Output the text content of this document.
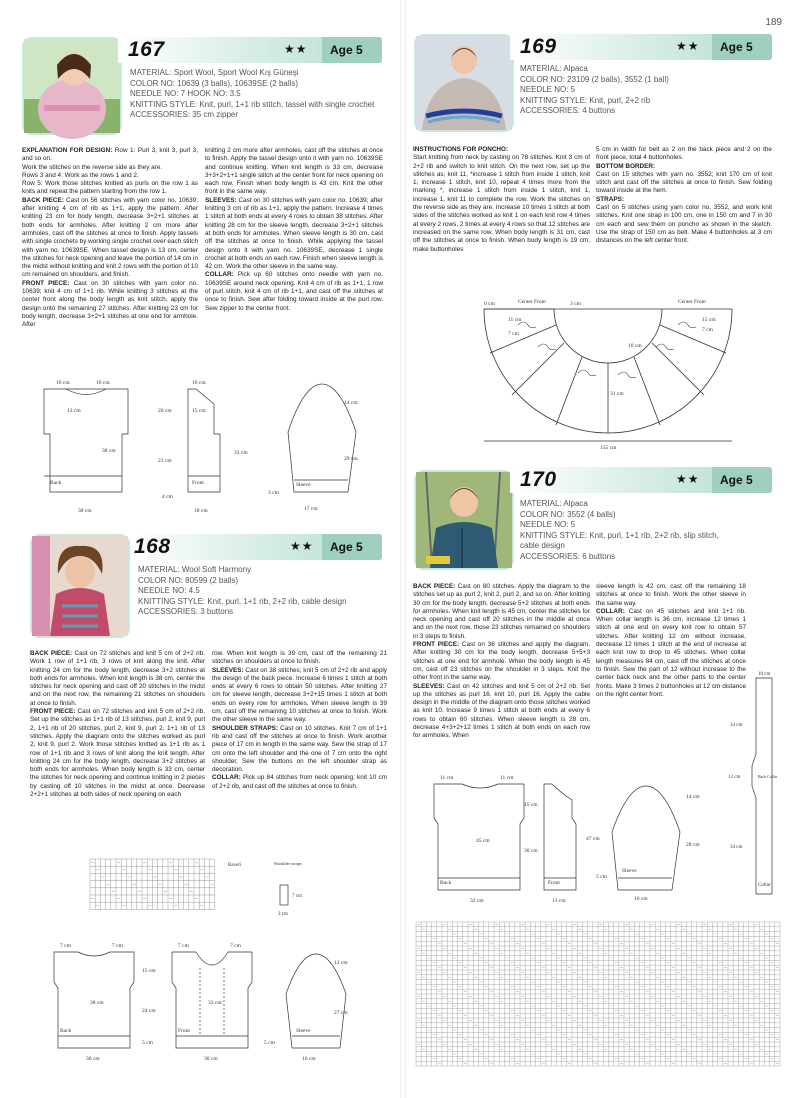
189
167	★★	Age 5
MATERIAL: Sport Wool, Sport Wool Kış Güneşi
COLOR NO: 10639 (3 balls), 10639SE (2 balls)
NEEDLE NO: 7 HOOK NO: 3.5
KNITTING STYLE: Knit, purl, 1+1 rib stitch, tassel with single crochet
ACCESSORIES: 35 cm zipper

EXPLANATION FOR DESIGN: Row 1: Purl 3, knit 3, purl 3, and so on.

Work the stitches on the reverse side as they are.

Rows 3 and 4: Work as the rows 1 and 2.

Row 5: Work those stitches knitted as purls on the row 1 as knits and repeat the pattern starting from the row 1.

BACK PIECE: Cast on 56 stitches with yarn color no. 10639; after knitting 4 cm of rib as 1+1, apply the pattern. After knitting 23 cm for body length, decrease 3+2+1 stitches at both ends for armholes. After knitting 2 cm more after armholes, cast off the stitches at once to finish. Apply tassels with single crochets by working single crochet over each stitch with yarn no. 10639SE. When tassel design is 13 cm, center the stitches for neck opening and leave the portion of 14 cm in the midst without knitting and knit 2 rows with the portion of 10 cm remained on shoulders, and finish.

FRONT PIECE: Cast on 30 stitches with yarn color no. 10639; knit 4 cm of 1+1 rib. While knitting 3 stitches at the center front along the body length as knit stitch, apply the design onto the remaining 27 stitches. After knitting 23 cm for body length, decrease 3+2+1 stitches at one end for armhole. After

knitting 2 cm more after armholes, cast off the stitches at once to finish. Apply the tassel design onto it with yarn no. 10639SE and continue knitting. When knit length is 33 cm, decrease 3+3+2+1+1 single stitch at the center front for neck opening on each row. Finish when body length is 43 cm. Knit the other front in the same way.

SLEEVES: Cast on 30 stitches with yarn color no. 10639; after knitting 3 cm of rib as 1+1, apply the pattern. Increase 4 times 1 stitch at both ends at every 4 rows to obtain 38 stitches. After knitting 28 cm for the sleeve length, decrease 3+2+1 stitches at both ends for armholes. When sleeve length is 30 cm, cast off the stitches at once to finish. While applying the tassel design onto it with yarn no. 10639SE, decrease 1 single crochet at both ends on each row. Finish when sleeve length is 42 cm. Work the other sleeve in the same way.

COLLAR: Pick up 60 stitches onto needle with yarn no. 10639SE around neck opening. Knit 4 cm of rib as 1+1, 1 row of purl stitch, knit 4 cm of rib 1+1, and cast off the stitches at once to finish. Sew after folding toward inside at the purl row. Sew zipper to the center front.

10 cm	10 cm
13 cm
38 cm
20 cm
23 cm
4 cm
38 cm
Back
10 cm
15 cm
33 cm
18 cm
Front
14 cm
29 cm
3 cm
17 cm
Sleeve
168	★★	Age 5
MATERIAL: Wool Soft Harmony
COLOR NO: 80599 (2 balls)
NEEDLE NO: 4.5
KNITTING STYLE: Knit, purl, 1+1 rib, 2+2 rib, cable design
ACCESSORIES: 3 buttons

BACK PIECE: Cast on 72 stitches and knit 5 cm of 2+2 rib. Work 1 row of 1+1 rib, 3 rows of knit along the knit. After knitting 24 cm for the body length, decrease 3+2 stitches at both ends for armholes. When knit length is 38 cm, center the stitches for neck opening and cast off 20 stitches in the midst and on the next row, the remaining 21 stitches on shoulders at once to finish.

FRONT PIECE: Cast on 72 stitches and knit 5 cm of 2+2 rib. Set up the stitches as 1+1 rib of 13 stitches, purl 2, knit 9, purl 2, 1+1 rib of 20 stitches, purl 2, knit 9, purl 2, 1+1 rib of 13 stitches. Apply the diagram onto the stitches worked as purl 2, knit 9, purl 2. Work those stitches knitted as 1+1 rib as 1 row of 1+1 rib and 3 rows of knit along the knit length. After knitting 24 cm for the body length, decrease 3+2 stitches at both ends for armholes. When body length is 33 cm, center the stitches for neck opening and continue knitting in 2 pieces by casting off 10 stitches in the midst at once. Decrease 2+2+1 stitches at both sides of neck opening on each

row. When knit length is 39 cm, cast off the remaining 21 stitches on shoulders at once to finish.

SLEEVES: Cast on 38 stitches; knit 5 cm of 2+2 rib and apply the design of the back piece. Increase 6 times 1 stitch at both ends at every 6 rows to obtain 50 stitches. After knitting 27 cm for sleeve length, decrease 3+2+15 times 1 stitch at both ends on every row for armholes. When sleeve length is 39 cm, cast off the remaining 10 stitches at once to finish. Work the other sleeve in the same way.

SHOULDER STRAPS: Cast on 10 stitches. Knit 7 cm of 1+1 rib and cast off the stitches at once to finish. Work another piece of 17 cm in length in the same way. Sew the strap of 17 cm onto the left shoulder and the one of 7 cm onto the right shoulder. Sew the buttons on the left shoulder strap as decoration.

COLLAR: Pick up 84 stitches from neck opening; knit 10 cm of 2+2 rib, and cast off the stitches at once to finish.

Raveli	Shoulder straps
7 cm
2 cm
7 cm	7 cm
38 cm
15 cm
24 cm
5 cm
30 cm
Back
7 cm	7 cm
33 cm
30 cm
Front
12 cm
27 cm
5 cm
16 cm
Sleeve
169	★★	Age 5
MATERIAL: Alpaca
COLOR NO: 23109 (2 balls), 3552 (1 ball)
NEEDLE NO: 5
KNITTING STYLE: Knit, purl, 2+2 rib
ACCESSORIES: 4 buttons

INSTRUCTIONS FOR PONCHO:

Start knitting from neck by casting on 78 stitches. Knit 3 cm of 2+2 rib and switch to knit stitch. On the next row, set up the stitches as; knit 11, *increase 1 stitch from inside 1 stitch, knit 1, increase 1 stitch, knit 10, repeat 4 times more from the marking *, increase 1 stitch from inside 1 stitch, knit 1, increase 1, knit 11 to complete the row. Work the stitches on the reverse side as they are. Increase 10 times 1 stitch at both sides of the stitches worked as knit 1 on each knit row 4 times at every 2 rows, 2 times at every 4 rows so that 12 stitches are increased on the same row. When body length is 31 cm, cast off the stitches at once to finish. When body length is 19 cm, make buttonholes

5 cm in width for belt as 2 on the back piece and 2 on the front piece, total 4 buttonholes.

BOTTOM BORDER:

Cast on 15 stitches with yarn no. 3552; knit 170 cm of knit stitch and cast off the stitches at once to finish. Sew folding toward inside at the hem.

STRAPS:

Cast on 5 stitches using yarn color no. 3552, and work knit stitches. Knit one strap in 100 cm, one in 150 cm and 7 in 30 cm each and sew them on poncho as shown in the sketch. Use the strap of 150 cm as belt. Make 4 buttonholes at 3 cm distances on the left center front.

0 cm	3 cm
Center Front	Center Front
11 cm
7 cm
15 cm
7 cm
10 cm
31 cm
155 cm
170	★★	Age 5
MATERIAL: Alpaca
COLOR NO: 3552 (4 balls)
NEEDLE NO: 5
KNITTING STYLE: Knit, purl, 1+1 rib, 2+2 rib, slip stitch,
cable design
ACCESSORIES: 6 buttons

BACK PIECE: Cast on 80 stitches. Apply the diagram to the stitches set up as purl 2, knit 2, purl 2, and so on. After knitting 30 cm for the body length, decrease 5+2 stitches at both ends for armholes. When knit length is 45 cm, center the stitches for neck opening and cast off 20 stitches in the middle at once and on the next row, those 23 stitches remained on shoulders in 3 steps to finish.

FRONT PIECE: Cast on 36 stitches and apply the diagram. After knitting 30 cm for the body length, decrease 5+5+3 stitches at one end for armhole. When the body length is 45 cm, cast off 23 stitches on the shoulder in 3 steps. Knit the other front in the same way.

SLEEVES: Cast on 42 stitches and knit 5 cm of 2+2 rib. Set up the stitches as purl 16, knit 10, purl 16. Apply the cable design in the middle of the diagram onto those stitches worked as knit 10. Increase 9 times 1 stitch at both ends at every 6 rows to obtain 60 stitches. When sleeve length is 28 cm, decrease 4+3+2+12 times 1 stitch at both ends on each row for armholes. When

sleeve length is 42 cm, cast off the remaining 18 stitches at once to finish. Work the other sleeve in the same way.

COLLAR: Cast on 45 stitches and knit 1+1 rib. When collar length is 36 cm, increase 12 times 1 stitch at one end on every knit row to obtain 57 stitches. After knitting 12 cm without increase, decrease 12 times 1 stitch at the end of increase at each knit row to drop to 45 stitches. When collar length measures 84 cm, cast off the stitches at once to finish. Sew the part of 12 without increase to the center back neck and the other parts to the center fronts. Make 3 times 2 buttonholes at 12 cm distance on the right center front.

10 cm
34 cm
12 cm	Back Collar
34 cm
Collar
11 cm	11 cm
15 cm
45 cm
30 cm
32 cm
Back
47 cm
13 cm
Front
14 cm
28 cm
5 cm
16 cm
Sleeve
